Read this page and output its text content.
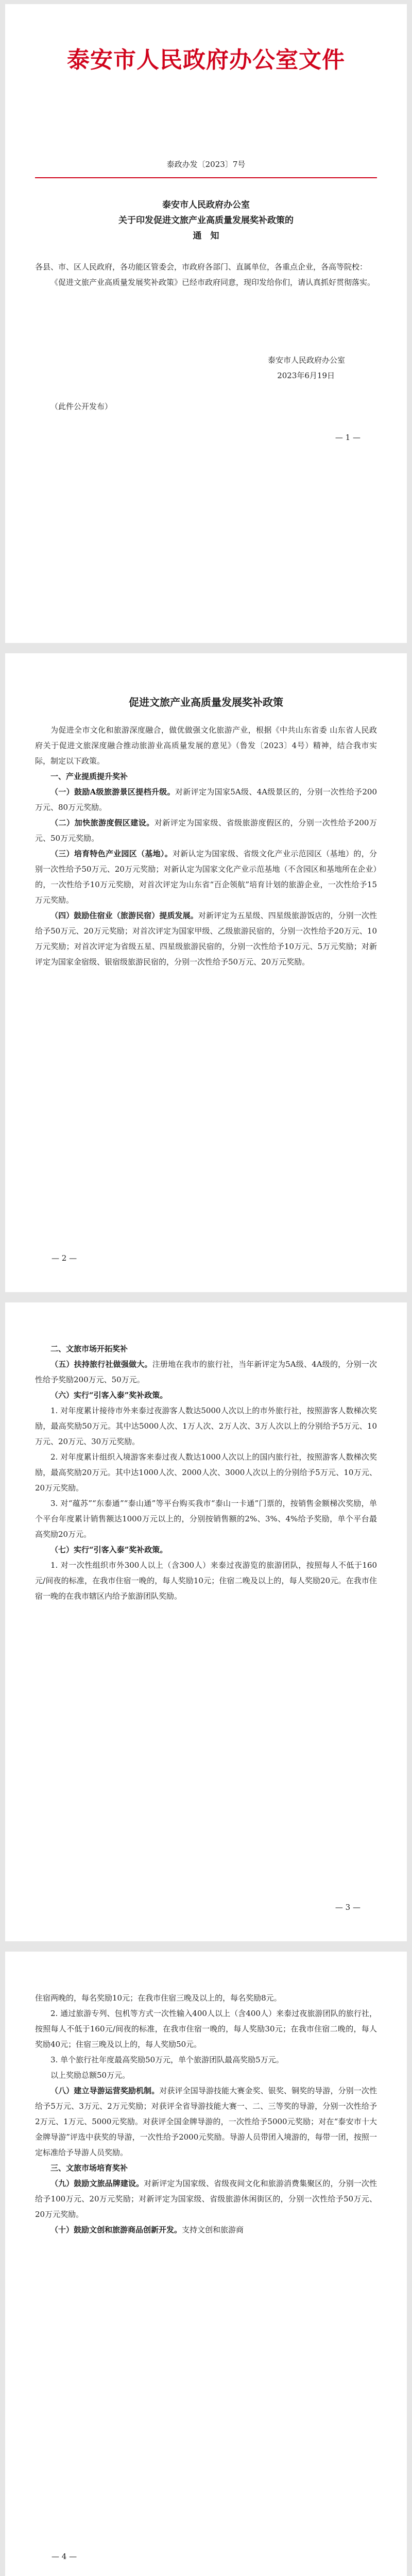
泰安市人民政府办公室文件
泰政办发〔2023〕7号

泰安市人民政府办公室

关于印发促进文旅产业高质量发展奖补政策的

通　知

各县、市、区人民政府，各功能区管委会，市政府各部门、直属单位，各重点企业，各高等院校：

《促进文旅产业高质量发展奖补政策》已经市政府同意，现印发给你们，请认真抓好贯彻落实。

泰安市人民政府办公室
2023年6月19日
（此件公开发布）
— 1 —

促进文旅产业高质量发展奖补政策

为促进全市文化和旅游深度融合，做优做强文化旅游产业，根据《中共山东省委 山东省人民政府关于促进文旅深度融合推动旅游业高质量发展的意见》（鲁发〔2023〕4号）精神，结合我市实际，制定以下政策。

一、产业提质提升奖补

（一）鼓励A级旅游景区提档升级。对新评定为国家5A级、4A级景区的，分别一次性给予200万元、80万元奖励。

（二）加快旅游度假区建设。对新评定为国家级、省级旅游度假区的，分别一次性给予200万元、50万元奖励。

（三）培育特色产业园区（基地）。对新认定为国家级、省级文化产业示范园区（基地）的，分别一次性给予50万元、20万元奖励；对新认定为国家文化产业示范基地（不含园区和基地所在企业）的，一次性给予10万元奖励，对首次评定为山东省“百企领航”培育计划的旅游企业，一次性给予15万元奖励。

（四）鼓励住宿业（旅游民宿）提质发展。对新评定为五星级、四星级旅游饭店的，分别一次性给予50万元、20万元奖励；对首次评定为国家甲级、乙级旅游民宿的，分别一次性给予20万元、10万元奖励；对首次评定为省级五星、四星级旅游民宿的，分别一次性给予10万元、5万元奖励；对新评定为国家金宿级、银宿级旅游民宿的，分别一次性给予50万元、20万元奖励。

— 2 —

二、文旅市场开拓奖补

（五）扶持旅行社做强做大。注册地在我市的旅行社，当年新评定为5A级、4A级的，分别一次性给予奖励200万元、50万元。

（六）实行“引客入泰”奖补政策。

1. 对年度累计接待市外来泰过夜游客人数达5000人次以上的市外旅行社，按照游客人数梯次奖励，最高奖励50万元。其中达5000人次、1万人次、2万人次、3万人次以上的分别给予5万元、10万元、20万元、30万元奖励。

2. 对年度累计组织入境游客来泰过夜人数达1000人次以上的国内旅行社，按照游客人数梯次奖励，最高奖励20万元。其中达1000人次、2000人次、3000人次以上的分别给予5万元、10万元、20万元奖励。

3. 对“蕴苏”“东泰通”“泰山通”等平台购买我市“泰山一卡通”门票的，按销售金额梯次奖励，单个平台年度累计销售额达1000万元以上的，分别按销售额的2%、3%、4%给予奖励，单个平台最高奖励20万元。

（七）实行“引客入泰”奖补政策。

1. 对一次性组织市外300人以上（含300人）来泰过夜游览的旅游团队，按照每人不低于160元/间夜的标准，在我市住宿一晚的，每人奖励10元；住宿二晚及以上的，每人奖励20元。在我市住宿一晚的在我市辖区内给予旅游团队奖励。

— 3 —

住宿两晚的，每名奖励10元；在我市住宿三晚及以上的，每名奖励8元。

2. 通过旅游专列、包机等方式一次性输入400人以上（含400人）来泰过夜旅游团队的旅行社，按照每人不低于160元/间夜的标准，在我市住宿一晚的，每人奖励30元；在我市住宿二晚的，每人奖励40元；住宿三晚及以上的，每人奖励50元。

3. 单个旅行社年度最高奖励50万元，单个旅游团队最高奖励5万元。

以上奖励总额50万元。

（八）建立导游运营奖励机制。对获评全国导游技能大赛金奖、银奖、铜奖的导游，分别一次性给予5万元、3万元、2万元奖励；对获评全省导游技能大赛一、二、三等奖的导游，分别一次性给予2万元、1万元、5000元奖励。对获评全国金牌导游的，一次性给予5000元奖励；对在“泰安市十大金牌导游”评选中获奖的导游，一次性给予2000元奖励。导游人员带团入境游的，每带一团，按照一定标准给予导游人员奖励。

三、文旅市场培育奖补

（九）鼓励文旅品牌建设。对新评定为国家级、省级夜间文化和旅游消费集聚区的，分别一次性给予100万元、20万元奖励；对新评定为国家级、省级旅游休闲街区的，分别一次性给予50万元、20万元奖励。

（十）鼓励文创和旅游商品创新开发。支持文创和旅游商

— 4 —
